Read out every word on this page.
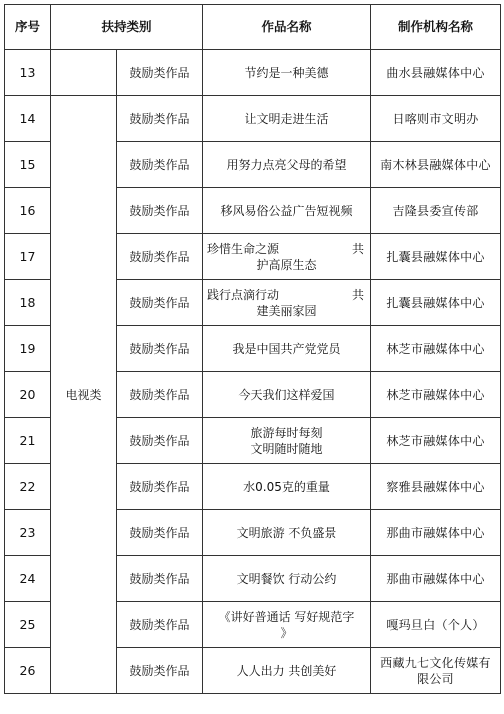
序号	扶持类别		作品名称	制作机构名称
13		鼓励类作品	节约是一种美德	曲水县融媒体中心
14	电视类	鼓励类作品	让文明走进生活	日喀则市文明办
15		鼓励类作品	用努力点亮父母的希望	南木林县融媒体中心
16		鼓励类作品	移风易俗公益广告短视频	吉隆县委宣传部
17		鼓励类作品	珍惜生命之源 共
护高原生态	扎囊县融媒体中心
18		鼓励类作品	践行点滴行动 共
建美丽家园	扎囊县融媒体中心
19		鼓励类作品	我是中国共产党党员	林芝市融媒体中心
20		鼓励类作品	今天我们这样爱国	林芝市融媒体中心
21		鼓励类作品	旅游每时每刻
文明随时随地	林芝市融媒体中心
22		鼓励类作品	水0.05克的重量	察雅县融媒体中心
23		鼓励类作品	文明旅游 不负盛景	那曲市融媒体中心
24		鼓励类作品	文明餐饮 行动公约	那曲市融媒体中心
25		鼓励类作品	《讲好普通话 写好规范字
》	嘎玛旦白（个人）
26		鼓励类作品	人人出力 共创美好	西藏九七文化传媒有
限公司
